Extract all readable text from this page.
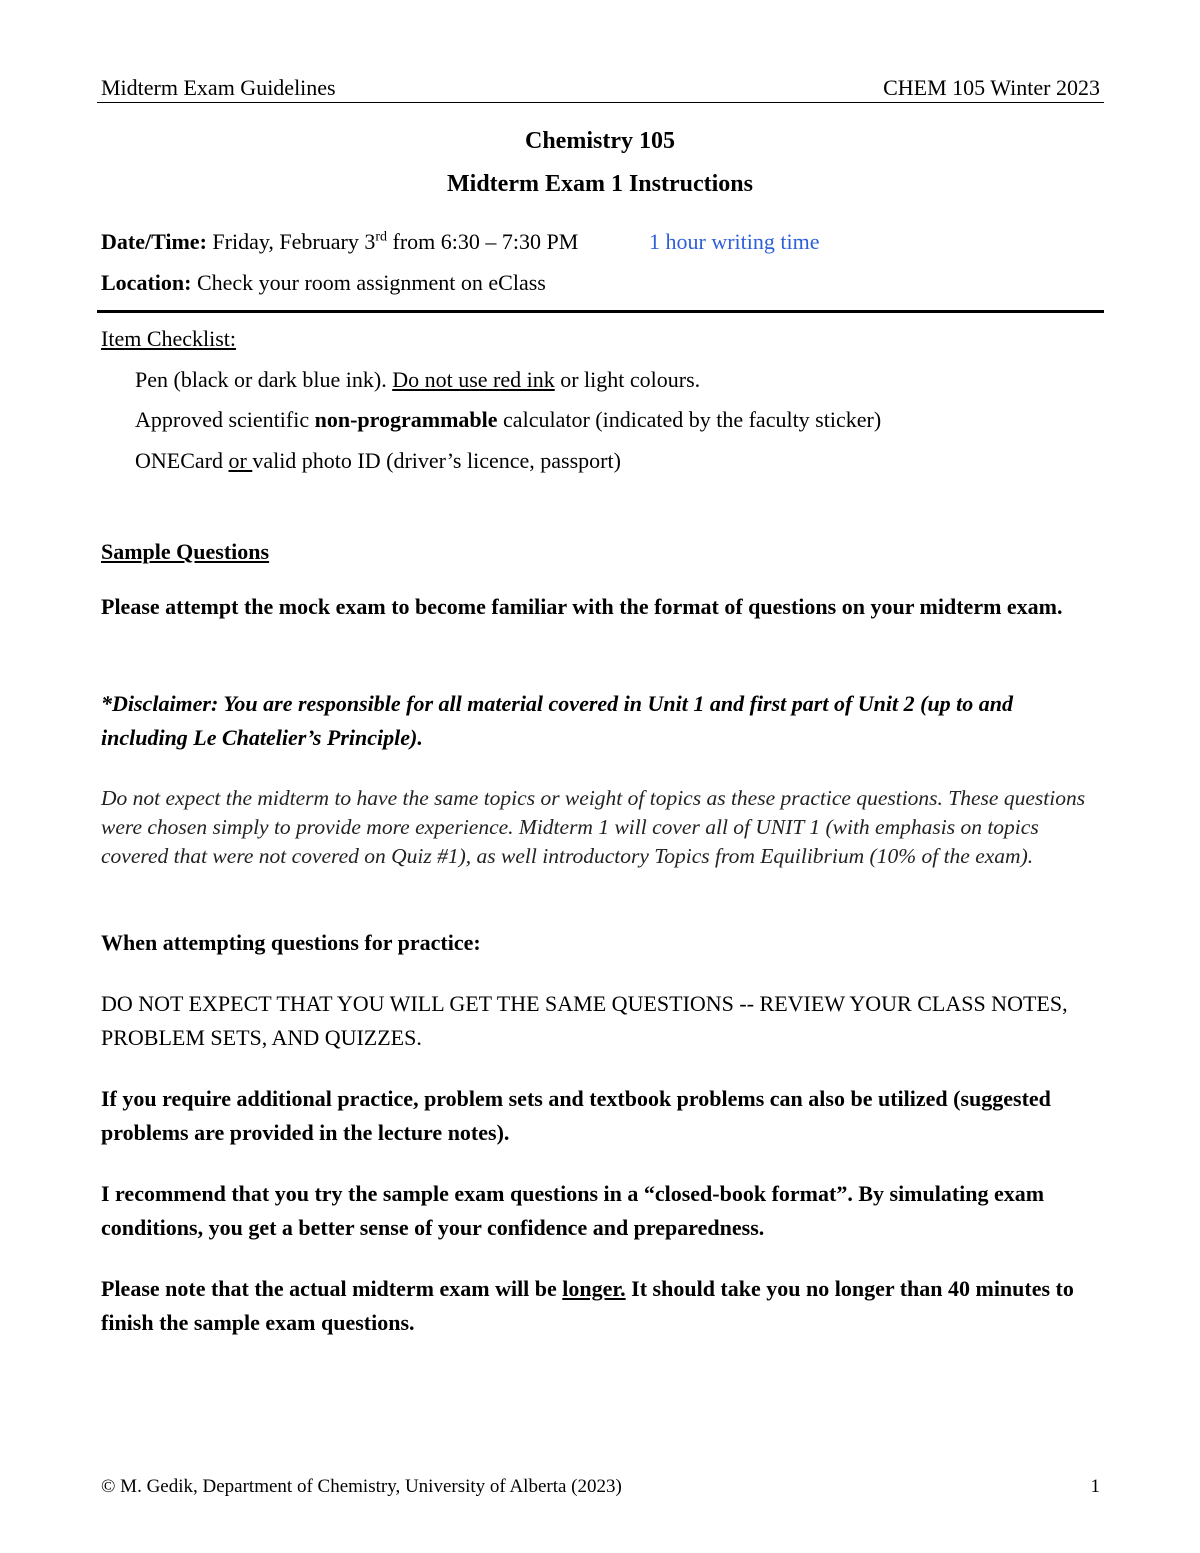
Midterm Exam Guidelines	CHEM 105 Winter 2023
Chemistry 105
Midterm Exam 1 Instructions
Date/Time: Friday, February 3rd from 6:30 – 7:30 PM	1 hour writing time
Location: Check your room assignment on eClass
Item Checklist:
Pen (black or dark blue ink). Do not use red ink or light colours.
Approved scientific non-programmable calculator (indicated by the faculty sticker)
ONECard or valid photo ID (driver’s licence, passport)
Sample Questions
Please attempt the mock exam to become familiar with the format of questions on your midterm exam.
*Disclaimer: You are responsible for all material covered in Unit 1 and first part of Unit 2 (up to and including Le Chatelier’s Principle).
Do not expect the midterm to have the same topics or weight of topics as these practice questions. These questions were chosen simply to provide more experience. Midterm 1 will cover all of UNIT 1 (with emphasis on topics covered that were not covered on Quiz #1), as well introductory Topics from Equilibrium (10% of the exam).
When attempting questions for practice:
DO NOT EXPECT THAT YOU WILL GET THE SAME QUESTIONS -- REVIEW YOUR CLASS NOTES, PROBLEM SETS, AND QUIZZES.
If you require additional practice, problem sets and textbook problems can also be utilized (suggested problems are provided in the lecture notes).
I recommend that you try the sample exam questions in a “closed-book format”. By simulating exam conditions, you get a better sense of your confidence and preparedness.
Please note that the actual midterm exam will be longer. It should take you no longer than 40 minutes to finish the sample exam questions.
© M. Gedik, Department of Chemistry, University of Alberta (2023)	1
